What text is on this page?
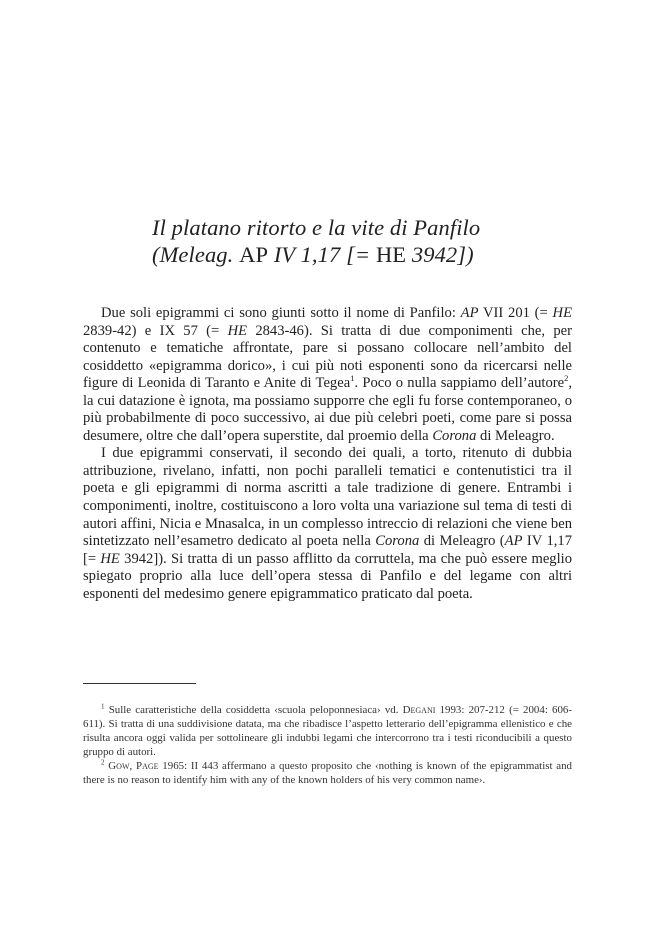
Il platano ritorto e la vite di Panfilo
(Meleag. AP IV 1,17 [= HE 3942])

Due soli epigrammi ci sono giunti sotto il nome di Panfilo: AP VII 201 (= HE 2839-42) e IX 57 (= HE 2843-46). Si tratta di due componimenti che, per contenuto e tematiche affrontate, pare si possano collocare nell’ambito del cosiddetto «epigramma dorico», i cui più noti esponenti sono da ricercarsi nelle figure di Leonida di Taranto e Anite di Tegea$^1$. Poco o nulla sappiamo dell’autore$^2$, la cui datazione è ignota, ma possiamo supporre che egli fu forse contemporaneo, o più probabilmente di poco successivo, ai due più celebri poeti, come pare si possa desumere, oltre che dall’opera superstite, dal proemio della Corona di Meleagro.

I due epigrammi conservati, il secondo dei quali, a torto, ritenuto di dubbia attribuzione, rivelano, infatti, non pochi paralleli tematici e contenutistici tra il poeta e gli epigrammi di norma ascritti a tale tradizione di genere. Entrambi i componimenti, inoltre, costituiscono a loro volta una variazione sul tema di testi di autori affini, Nicia e Mnasalca, in un complesso intreccio di relazioni che viene ben sintetizzato nell’esametro dedicato al poeta nella Corona di Meleagro (AP IV 1,17 [= HE 3942]). Si tratta di un passo afflitto da corruttela, ma che può essere meglio spiegato proprio alla luce dell’opera stessa di Panfilo e del legame con altri esponenti del medesimo genere epigrammatico praticato dal poeta.

$^1$ Sulle caratteristiche della cosiddetta ‹scuola peloponnesiaca› vd. Degani 1993: 207-212 (= 2004: 606-611). Si tratta di una suddivisione datata, ma che ribadisce l’aspetto letterario dell’epigramma ellenistico e che risulta ancora oggi valida per sottolineare gli indubbi legami che intercorrono tra i testi riconducibili a questo gruppo di autori.

$^2$ Gow, Page 1965: II 443 affermano a questo proposito che ‹nothing is known of the epigrammatist and there is no reason to identify him with any of the known holders of his very common name›.
